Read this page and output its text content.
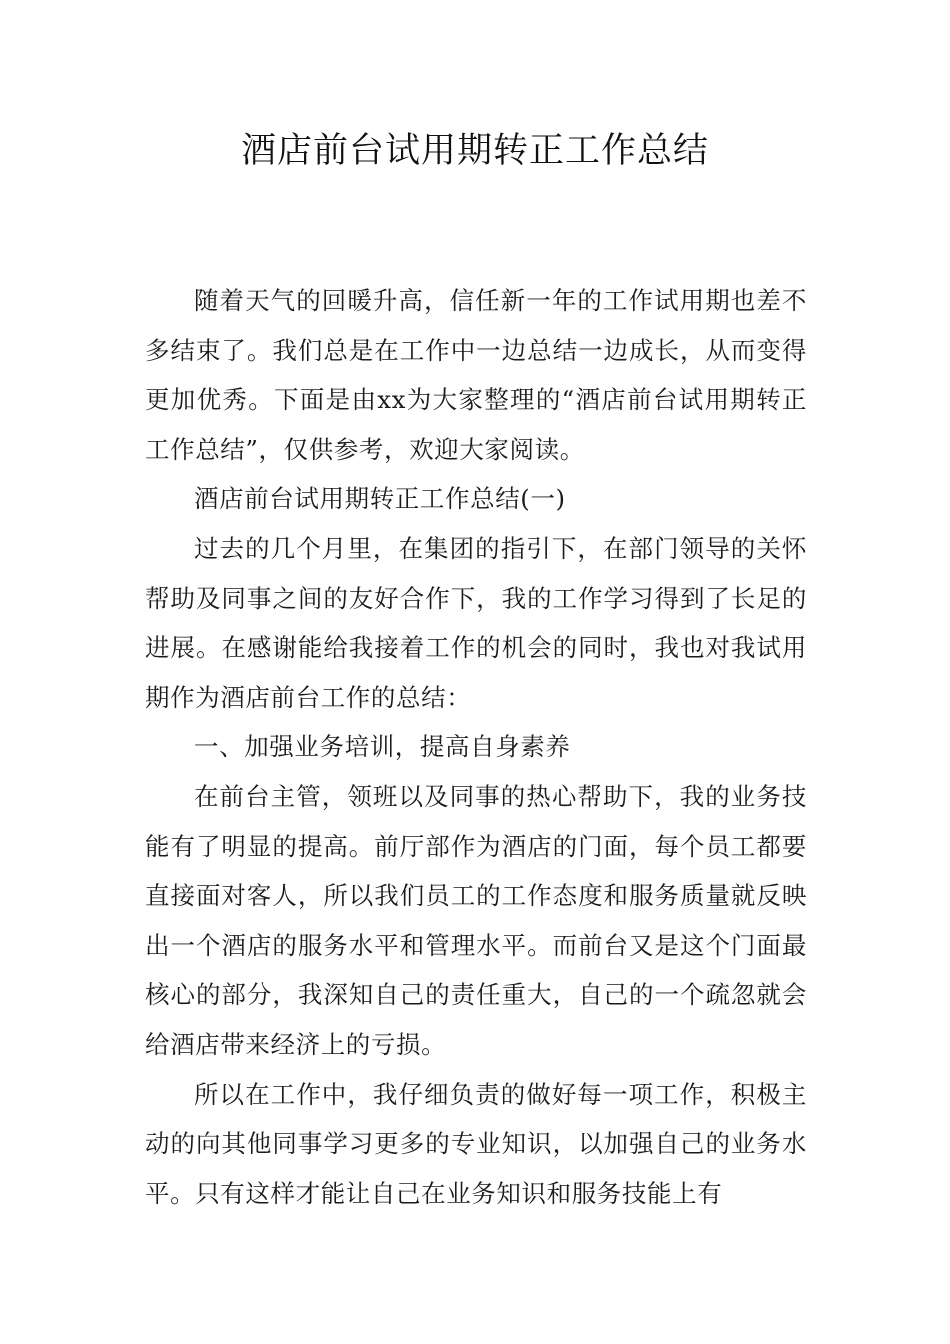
酒店前台试用期转正工作总结

随着天气的回暖升高，信任新一年的工作试用期也差不多结束了。我们总是在工作中一边总结一边成长，从而变得更加优秀。下面是由xx为大家整理的“酒店前台试用期转正工作总结”，仅供参考，欢迎大家阅读。

酒店前台试用期转正工作总结(一)

过去的几个月里，在集团的指引下，在部门领导的关怀帮助及同事之间的友好合作下，我的工作学习得到了长足的进展。在感谢能给我接着工作的机会的同时，我也对我试用期作为酒店前台工作的总结：

一、加强业务培训，提高自身素养

在前台主管，领班以及同事的热心帮助下，我的业务技能有了明显的提高。前厅部作为酒店的门面，每个员工都要直接面对客人，所以我们员工的工作态度和服务质量就反映出一个酒店的服务水平和管理水平。而前台又是这个门面最核心的部分，我深知自己的责任重大，自己的一个疏忽就会给酒店带来经济上的亏损。

所以在工作中，我仔细负责的做好每一项工作，积极主动的向其他同事学习更多的专业知识，以加强自己的业务水平。只有这样才能让自己在业务知识和服务技能上有
